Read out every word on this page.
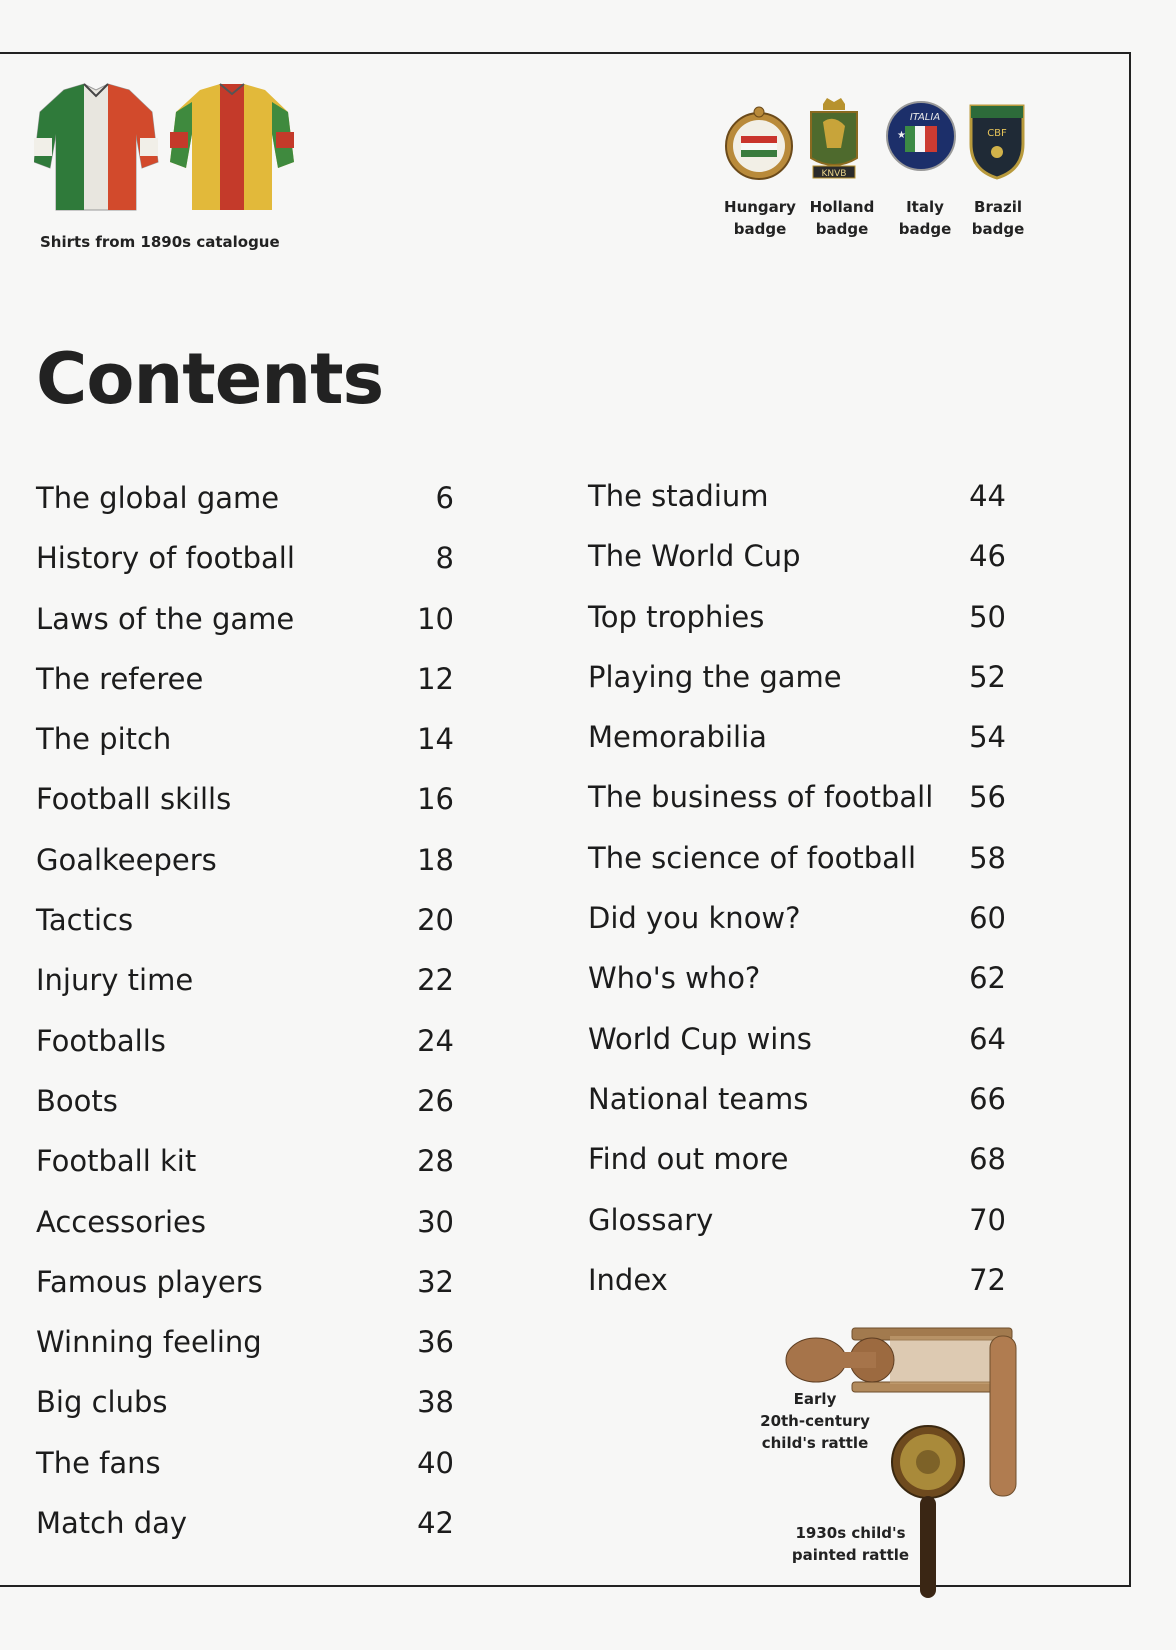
Shirts from 1890s catalogue
KNVB
ITALIA
★	CBF
Hungary
badge
Holland
badge
Italy
badge
Brazil
badge
Contents
The global game	6
History of football	8
Laws of the game	10
The referee	12
The pitch	14
Football skills	16
Goalkeepers	18
Tactics	20
Injury time	22
Footballs	24
Boots	26
Football kit	28
Accessories	30
Famous players	32
Winning feeling	36
Big clubs	38
The fans	40
Match day	42
The stadium	44
The World Cup	46
Top trophies	50
Playing the game	52
Memorabilia	54
The business of football 56
The science of football 58
Did you know?	60
Who's who?	62
World Cup wins	64
National teams	66
Find out more	68
Glossary	70
Index	72
Early
20th-century
child's rattle
1930s child's
painted rattle
